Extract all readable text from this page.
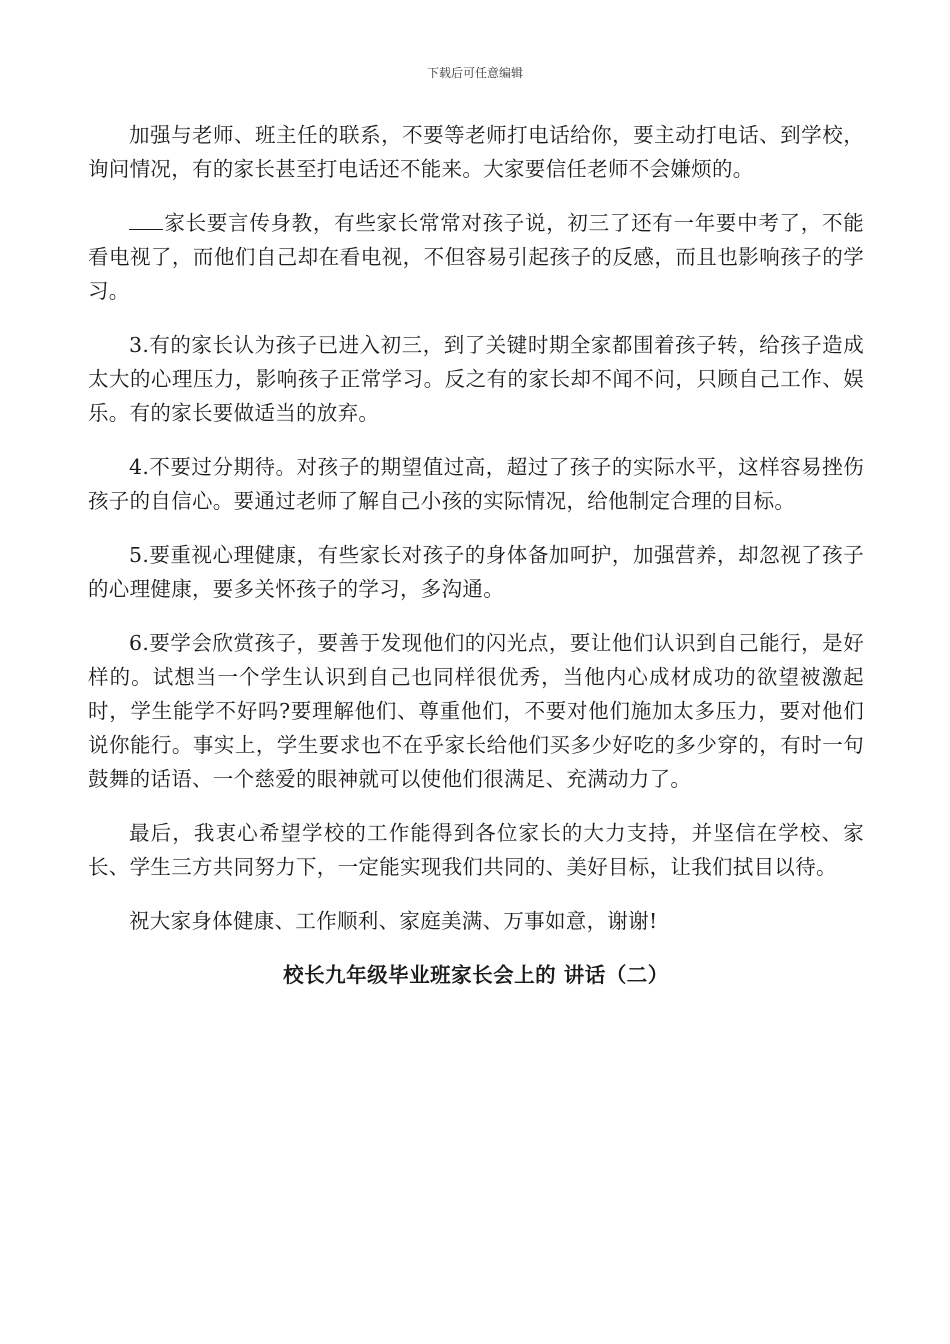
下载后可任意编辑

加强与老师、班主任的联系，不要等老师打电话给你，要主动打电话、到学校，询问情况，有的家长甚至打电话还不能来。大家要信任老师不会嫌烦的。

家长要言传身教，有些家长常常对孩子说，初三了还有一年要中考了，不能看电视了，而他们自己却在看电视，不但容易引起孩子的反感，而且也影响孩子的学习。

3.有的家长认为孩子已进入初三，到了关键时期全家都围着孩子转，给孩子造成太大的心理压力，影响孩子正常学习。反之有的家长却不闻不问，只顾自己工作、娱乐。有的家长要做适当的放弃。

4.不要过分期待。对孩子的期望值过高，超过了孩子的实际水平，这样容易挫伤孩子的自信心。要通过老师了解自己小孩的实际情况，给他制定合理的目标。

5.要重视心理健康，有些家长对孩子的身体备加呵护，加强营养，却忽视了孩子的心理健康，要多关怀孩子的学习，多沟通。

6.要学会欣赏孩子，要善于发现他们的闪光点，要让他们认识到自己能行，是好样的。试想当一个学生认识到自己也同样很优秀，当他内心成材成功的欲望被激起时，学生能学不好吗?要理解他们、尊重他们，不要对他们施加太多压力，要对他们说你能行。事实上，学生要求也不在乎家长给他们买多少好吃的多少穿的，有时一句鼓舞的话语、一个慈爱的眼神就可以使他们很满足、充满动力了。

最后，我衷心希望学校的工作能得到各位家长的大力支持，并坚信在学校、家长、学生三方共同努力下，一定能实现我们共同的、美好目标，让我们拭目以待。

祝大家身体健康、工作顺利、家庭美满、万事如意，谢谢!

校长九年级毕业班家长会上的 讲话（二）
